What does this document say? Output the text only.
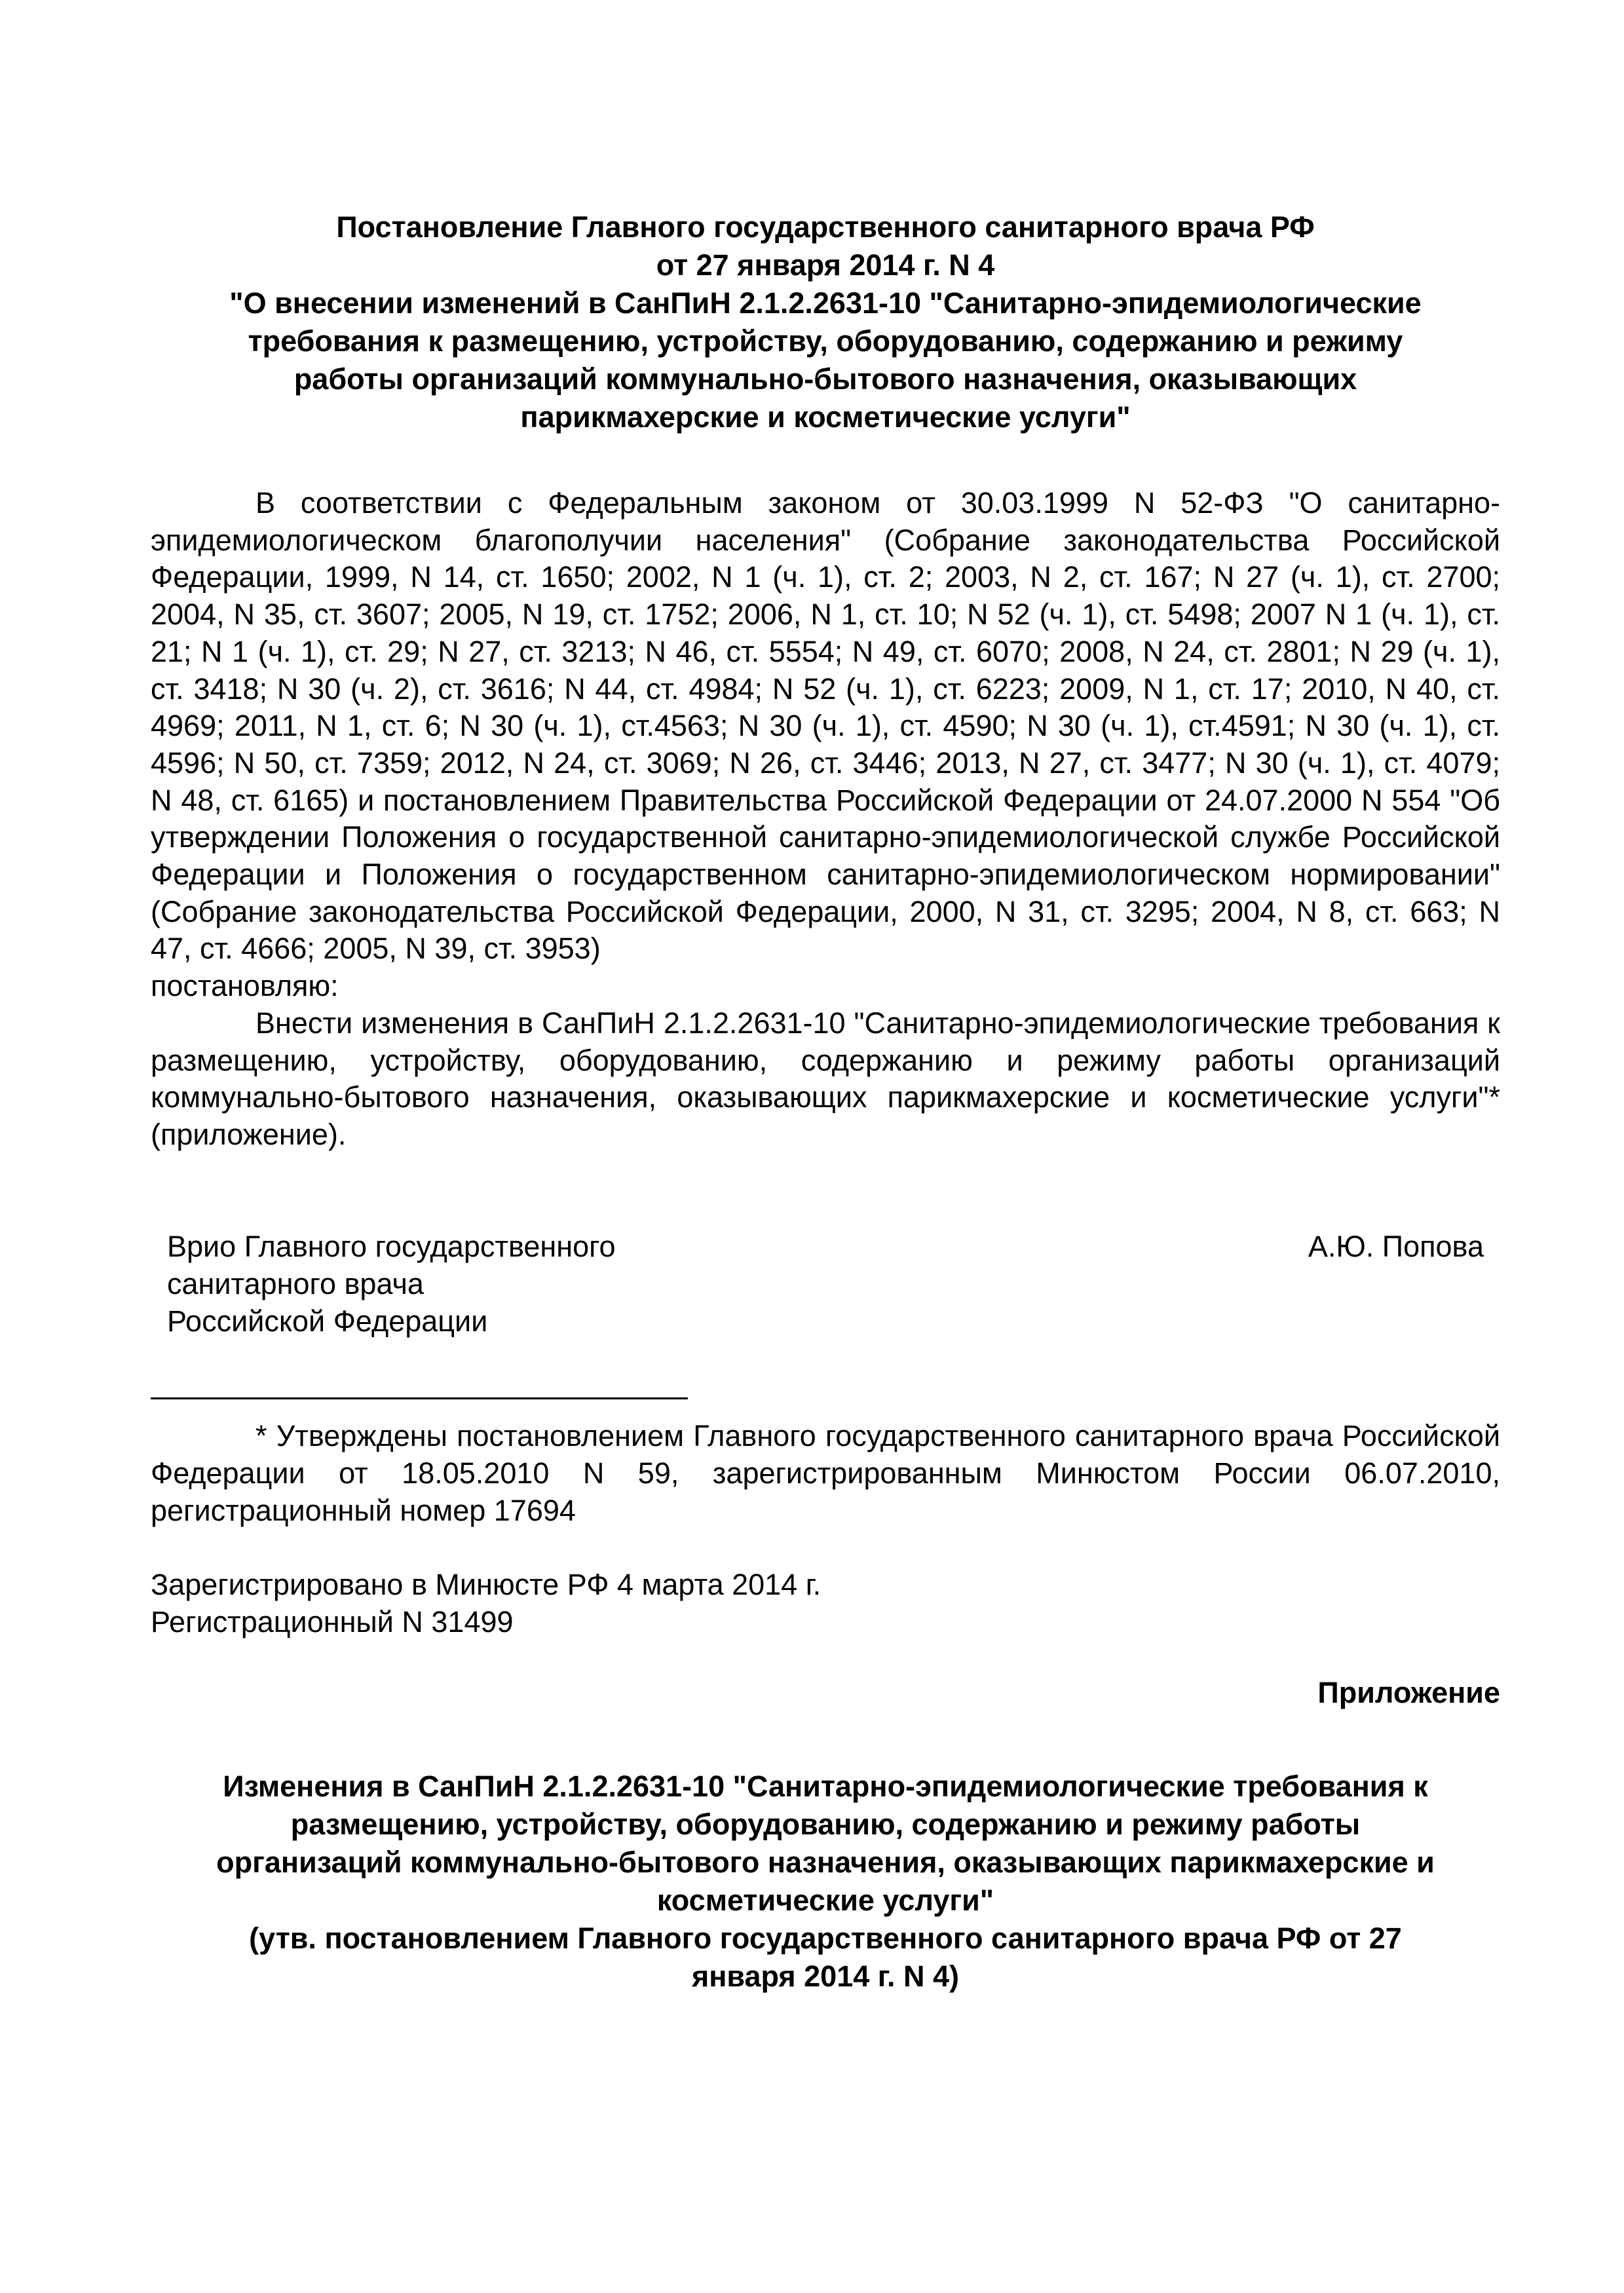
Постановление Главного государственного санитарного врача РФ
от 27 января 2014 г. N 4
"О внесении изменений в СанПиН 2.1.2.2631-10 "Санитарно-эпидемиологические
требования к размещению, устройству, оборудованию, содержанию и режиму
работы организаций коммунально-бытового назначения, оказывающих
парикмахерские и косметические услуги"

В соответствии с Федеральным законом от 30.03.1999 N 52-ФЗ "О санитарно-эпидемиологическом благополучии населения" (Собрание законодательства Российской Федерации, 1999, N 14, ст. 1650; 2002, N 1 (ч. 1), ст. 2; 2003, N 2, ст. 167; N 27 (ч. 1), ст. 2700; 2004, N 35, ст. 3607; 2005, N 19, ст. 1752; 2006, N 1, ст. 10; N 52 (ч. 1), ст. 5498; 2007 N 1 (ч. 1), ст. 21; N 1 (ч. 1), ст. 29; N 27, ст. 3213; N 46, ст. 5554; N 49, ст. 6070; 2008, N 24, ст. 2801; N 29 (ч. 1), ст. 3418; N 30 (ч. 2), ст. 3616; N 44, ст. 4984; N 52 (ч. 1), ст. 6223; 2009, N 1, ст. 17; 2010, N 40, ст. 4969; 2011, N 1, ст. 6; N 30 (ч. 1), ст.4563; N 30 (ч. 1), ст. 4590; N 30 (ч. 1), ст.4591; N 30 (ч. 1), ст. 4596; N 50, ст. 7359; 2012, N 24, ст. 3069; N 26, ст. 3446; 2013, N 27, ст. 3477; N 30 (ч. 1), ст. 4079; N 48, ст. 6165) и постановлением Правительства Российской Федерации от 24.07.2000 N 554 "Об утверждении Положения о государственной санитарно-эпидемиологической службе Российской Федерации и Положения о государственном санитарно-эпидемиологическом нормировании" (Собрание законодательства Российской Федерации, 2000, N 31, ст. 3295; 2004, N 8, ст. 663; N 47, ст. 4666; 2005, N 39, ст. 3953)

постановляю:

Внести изменения в СанПиН 2.1.2.2631-10 "Санитарно-эпидемиологические требования к размещению, устройству, оборудованию, содержанию и режиму работы организаций коммунально-бытового назначения, оказывающих парикмахерские и косметические услуги"* (приложение).

Врио Главного государственного
санитарного врача
Российской Федерации
А.Ю. Попова

* Утверждены постановлением Главного государственного санитарного врача Российской Федерации от 18.05.2010 N 59, зарегистрированным Минюстом России 06.07.2010, регистрационный номер 17694

Зарегистрировано в Минюсте РФ 4 марта 2014 г.
Регистрационный N 31499
Приложение
Изменения в СанПиН 2.1.2.2631-10 "Санитарно-эпидемиологические требования к
размещению, устройству, оборудованию, содержанию и режиму работы
организаций коммунально-бытового назначения, оказывающих парикмахерские и
косметические услуги"
(утв. постановлением Главного государственного санитарного врача РФ от 27
января 2014 г. N 4)
